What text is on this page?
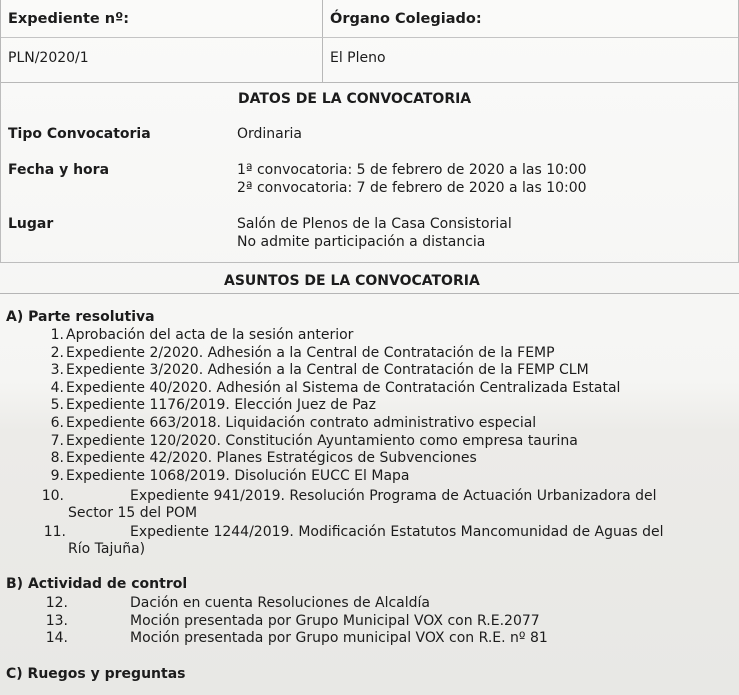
Expediente nº:
PLN/2020/1
Órgano Colegiado:
El Pleno
DATOS DE LA CONVOCATORIA
Tipo Convocatoria	Ordinaria
Fecha y hora	1ª convocatoria: 5 de febrero de 2020 a las 10:00
2ª convocatoria: 7 de febrero de 2020 a las 10:00
Lugar	Salón de Plenos de la Casa Consistorial
No admite participación a distancia
ASUNTOS DE LA CONVOCATORIA
A) Parte resolutiva
10.	Expediente 941/2019. Resolución Programa de Actuación Urbanizadora del
Sector 15 del POM
11.	Expediente 1244/2019. Modificación Estatutos Mancomunidad de Aguas del
Río Tajuña)
B) Actividad de control
C) Ruegos y preguntas
1. Aprobación del acta de la sesión anterior
2. Expediente 2/2020. Adhesión a la Central de Contratación de la FEMP
3. Expediente 3/2020. Adhesión a la Central de Contratación de la FEMP CLM
4. Expediente 40/2020. Adhesión al Sistema de Contratación Centralizada Estatal
5. Expediente 1176/2019. Elección Juez de Paz
6. Expediente 663/2018. Liquidación contrato administrativo especial
7. Expediente 120/2020. Constitución Ayuntamiento como empresa taurina
8. Expediente 42/2020. Planes Estratégicos de Subvenciones
9. Expediente 1068/2019. Disolución EUCC El Mapa
12.	Dación en cuenta Resoluciones de Alcaldía
13.	Moción presentada por Grupo Municipal VOX con R.E.2077
14.	Moción presentada por Grupo municipal VOX con R.E. nº 81
